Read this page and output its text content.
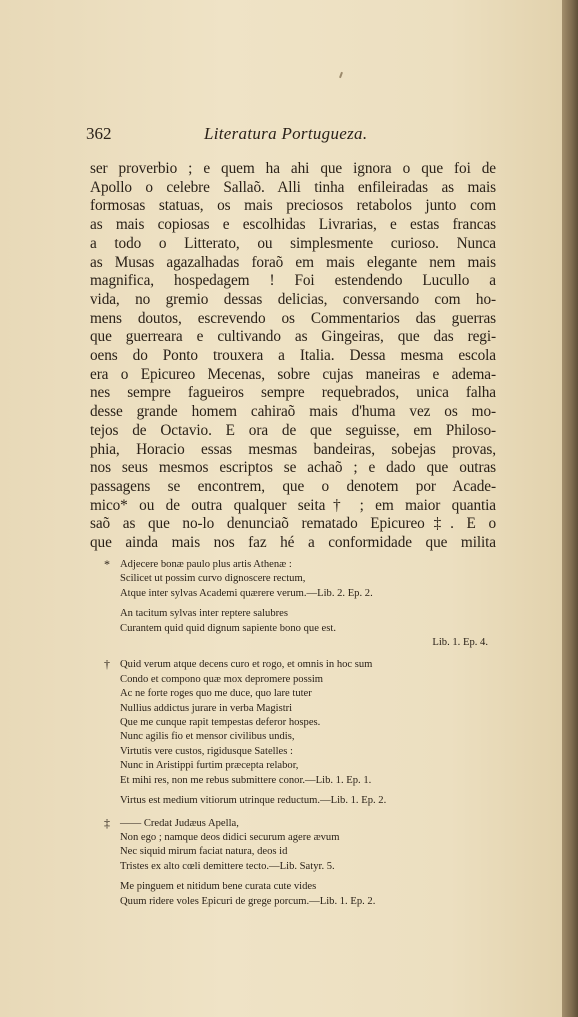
362	Literatura Portugueza.
ser proverbio ; e quem ha ahi que ignora o que foi de
Apollo o celebre Sallaõ. Alli tinha enfileiradas as mais
formosas statuas, os mais preciosos retabolos junto com
as mais copiosas e escolhidas Livrarias, e estas francas
a todo o Litterato, ou simplesmente curioso. Nunca
as Musas agazalhadas foraõ em mais elegante nem mais
magnifica, hospedagem ! Foi estendendo Lucullo a
vida, no gremio dessas delicias, conversando com ho-
mens doutos, escrevendo os Commentarios das guerras
que guerreara e cultivando as Gingeiras, que das regi-
oens do Ponto trouxera a Italia. Dessa mesma escola
era o Epicureo Mecenas, sobre cujas maneiras e adema-
nes sempre fagueiros sempre requebrados, unica falha
desse grande homem cahiraõ mais d'huma vez os mo-
tejos de Octavio. E ora de que seguisse, em Philoso-
phia, Horacio essas mesmas bandeiras, sobejas provas,
nos seus mesmos escriptos se achaõ ; e dado que outras
passagens se encontrem, que o denotem por Acade-
mico* ou de outra qualquer seita† ; em maior quantia
saõ as que no-lo denunciaõ rematado Epicureo‡. E o
que ainda mais nos faz hé a conformidade que milita
* Adjecere bonæ paulo plus artis Athenæ :
Scilicet ut possim curvo dignoscere rectum,
Atque inter sylvas Academi quærere verum.—Lib. 2. Ep. 2.
An tacitum sylvas inter reptere salubres
Curantem quid quid dignum sapiente bono que est.
Lib. 1. Ep. 4.
† Quid verum atque decens curo et rogo, et omnis in hoc sum
Condo et compono quæ mox depromere possim
Ac ne forte roges quo me duce, quo lare tuter
Nullius addictus jurare in verba Magistri
Que me cunque rapit tempestas deferor hospes.
Nunc agilis fio et mensor civilibus undis,
Virtutis vere custos, rigidusque Satelles :
Nunc in Aristippi furtim præcepta relabor,
Et mihi res, non me rebus submittere conor.—Lib. 1. Ep. 1.
Virtus est medium vitiorum utrinque reductum.—Lib. 1. Ep. 2.
‡ —— Credat Judæus Apella,
Non ego ; namque deos didici securum agere ævum
Nec siquid mirum faciat natura, deos id
Tristes ex alto cœli demittere tecto.—Lib. Satyr. 5.
Me pinguem et nitidum bene curata cute vides
Quum ridere voles Epicuri de grege porcum.—Lib. 1. Ep. 2.
